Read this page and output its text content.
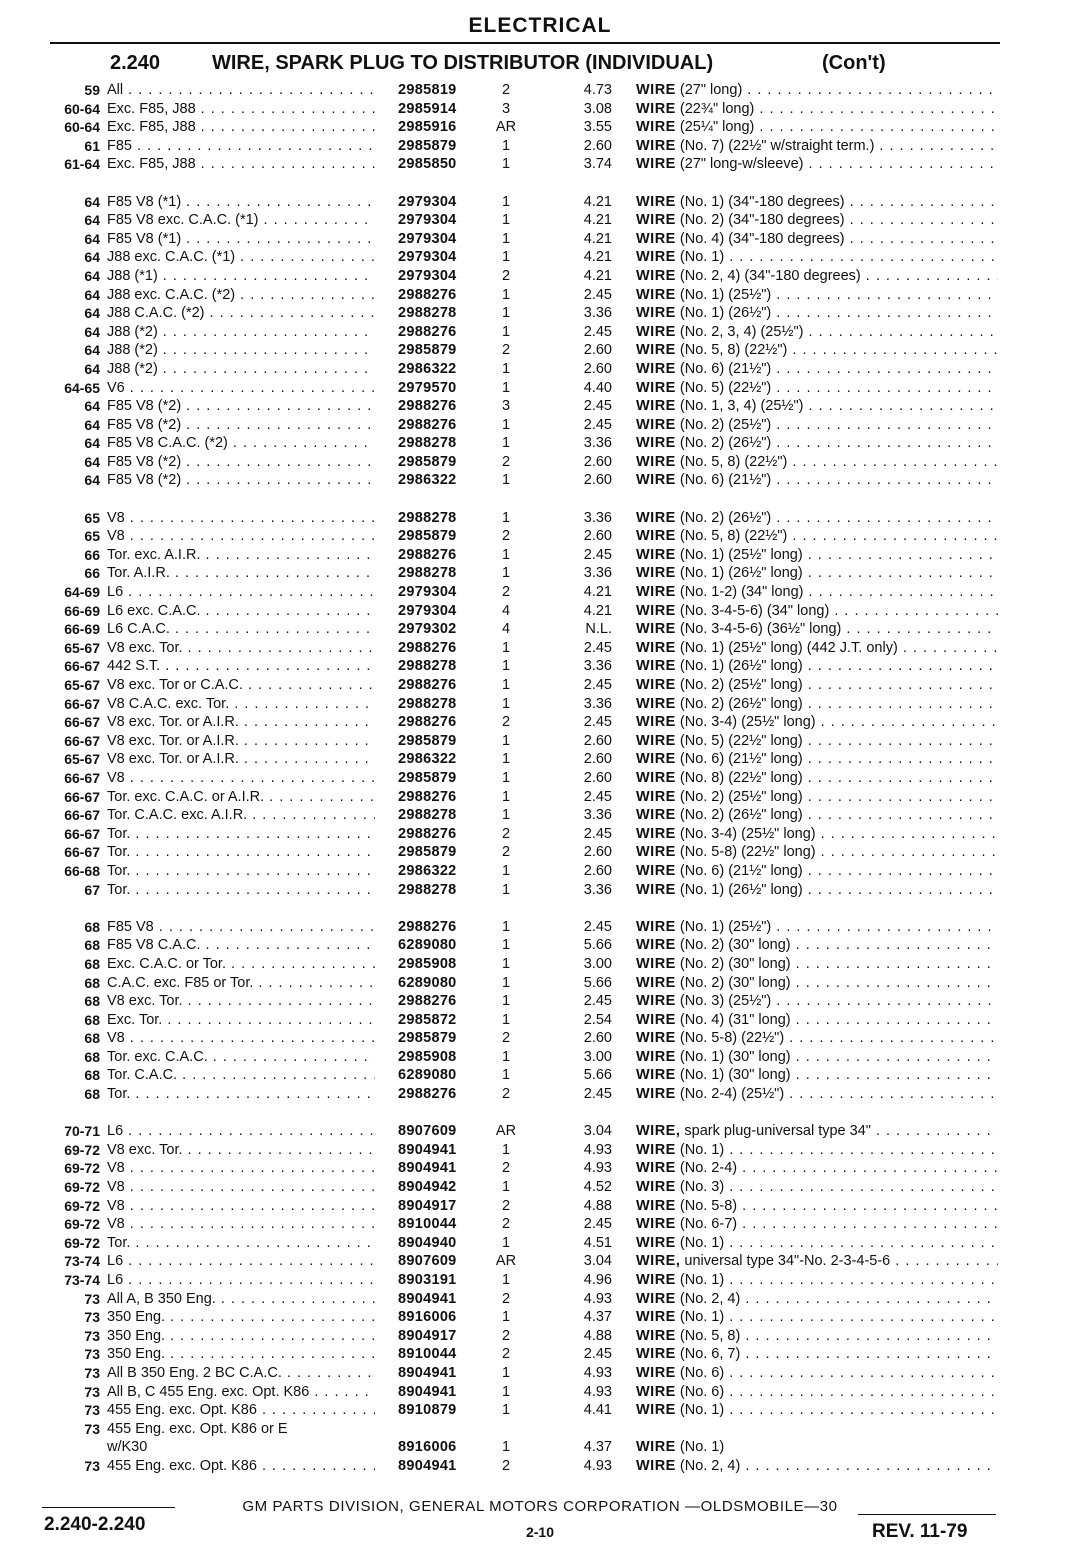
ELECTRICAL
2.240	WIRE, SPARK PLUG TO DISTRIBUTOR (INDIVIDUAL)	(Con't)
59 All . . .	2985819	2	4.73 WIRE (27" long) . . .
60-64 Exc. F85, J88 . . .	2985914	3	3.08 WIRE (22¾" long) . . .
60-64 Exc. F85, J88 . . .	2985916	AR	3.55 WIRE (25¼" long) . . .
61 F85 . . .	2985879	1	2.60 WIRE (No. 7) (22½" w/straight term.) . . .
61-64 Exc. F85, J88 . . .	2985850	1	3.74 WIRE (27" long-w/sleeve) . . .
64 F85 V8 (*1) . . .	2979304	1	4.21 WIRE (No. 1) (34"-180 degrees) . . .
64 F85 V8 exc. C.A.C. (*1) . . .	2979304	1	4.21 WIRE (No. 2) (34"-180 degrees) . . .
64 F85 V8 (*1) . . .	2979304	1	4.21 WIRE (No. 4) (34"-180 degrees) . . .
64 J88 exc. C.A.C. (*1) . . .	2979304	1	4.21 WIRE (No. 1) . . .
64 J88 (*1) . . .	2979304	2	4.21 WIRE (No. 2, 4) (34"-180 degrees) . . .
64 J88 exc. C.A.C. (*2) . . .	2988276	1	2.45 WIRE (No. 1) (25½") . . .
64 J88 C.A.C. (*2) . . .	2988278	1	3.36 WIRE (No. 1) (26½") . . .
64 J88 (*2) . . .	2988276	1	2.45 WIRE (No. 2, 3, 4) (25½") . . .
64 J88 (*2) . . .	2985879	2	2.60 WIRE (No. 5, 8) (22½") . . .
64 J88 (*2) . . .	2986322	1	2.60 WIRE (No. 6) (21½") . . .
64-65 V6 . . .	2979570	1	4.40 WIRE (No. 5) (22½") . . .
64 F85 V8 (*2) . . .	2988276	3	2.45 WIRE (No. 1, 3, 4) (25½") . . .
64 F85 V8 (*2) . . .	2988276	1	2.45 WIRE (No. 2) (25½") . . .
64 F85 V8 C.A.C. (*2) . . .	2988278	1	3.36 WIRE (No. 2) (26½") . . .
64 F85 V8 (*2) . . .	2985879	2	2.60 WIRE (No. 5, 8) (22½") . . .
64 F85 V8 (*2) . . .	2986322	1	2.60 WIRE (No. 6) (21½") . . .
65 V8 . . .	2988278	1	3.36 WIRE (No. 2) (26½") . . .
65 V8 . . .	2985879	2	2.60 WIRE (No. 5, 8) (22½") . . .
66 Tor. exc. A.I.R. . . .	2988276	1	2.45 WIRE (No. 1) (25½" long) . . .
66 Tor. A.I.R. . . .	2988278	1	3.36 WIRE (No. 1) (26½" long) . . .
64-69 L6 . . .	2979304	2	4.21 WIRE (No. 1-2) (34" long) . . .
66-69 L6 exc. C.A.C. . . .	2979304	4	4.21 WIRE (No. 3-4-5-6) (34" long) . . .
66-69 L6 C.A.C. . . .	2979302	4	N.L. WIRE (No. 3-4-5-6) (36½" long) . . .
65-67 V8 exc. Tor. . . .	2988276	1	2.45 WIRE (No. 1) (25½" long) (442 J.T. only) . . .
66-67 442 S.T. . . .	2988278	1	3.36 WIRE (No. 1) (26½" long) . . .
65-67 V8 exc. Tor or C.A.C. . . .	2988276	1	2.45 WIRE (No. 2) (25½" long) . . .
66-67 V8 C.A.C. exc. Tor. . . .	2988278	1	3.36 WIRE (No. 2) (26½" long) . . .
66-67 V8 exc. Tor. or A.I.R. . . .	2988276	2	2.45 WIRE (No. 3-4) (25½" long) . . .
66-67 V8 exc. Tor. or A.I.R. . . .	2985879	1	2.60 WIRE (No. 5) (22½" long) . . .
65-67 V8 exc. Tor. or A.I.R. . . .	2986322	1	2.60 WIRE (No. 6) (21½" long) . . .
66-67 V8 . . .	2985879	1	2.60 WIRE (No. 8) (22½" long) . . .
66-67 Tor. exc. C.A.C. or A.I.R. . . .	2988276	1	2.45 WIRE (No. 2) (25½" long) . . .
66-67 Tor. C.A.C. exc. A.I.R. . . .	2988278	1	3.36 WIRE (No. 2) (26½" long) . . .
66-67 Tor. . . .	2988276	2	2.45 WIRE (No. 3-4) (25½" long) . . .
66-67 Tor. . . .	2985879	2	2.60 WIRE (No. 5-8) (22½" long) . . .
66-68 Tor. . . .	2986322	1	2.60 WIRE (No. 6) (21½" long) . . .
67 Tor. . . .	2988278	1	3.36 WIRE (No. 1) (26½" long) . . .
68 F85 V8 . . .	2988276	1	2.45 WIRE (No. 1) (25½") . . .
68 F85 V8 C.A.C. . . .	6289080	1	5.66 WIRE (No. 2) (30" long) . . .
68 Exc. C.A.C. or Tor. . . .	2985908	1	3.00 WIRE (No. 2) (30" long) . . .
68 C.A.C. exc. F85 or Tor. . . .	6289080	1	5.66 WIRE (No. 2) (30" long) . . .
68 V8 exc. Tor. . . .	2988276	1	2.45 WIRE (No. 3) (25½") . . .
68 Exc. Tor. . . .	2985872	1	2.54 WIRE (No. 4) (31" long) . . .
68 V8 . . .	2985879	2	2.60 WIRE (No. 5-8) (22½") . . .
68 Tor. exc. C.A.C. . . .	2985908	1	3.00 WIRE (No. 1) (30" long) . . .
68 Tor. C.A.C. . . .	6289080	1	5.66 WIRE (No. 1) (30" long) . . .
68 Tor. . . .	2988276	2	2.45 WIRE (No. 2-4) (25½") . . .
70-71 L6 . . .	8907609	AR	3.04 WIRE, spark plug-universal type 34" . . .
69-72 V8 exc. Tor. . . .	8904941	1	4.93 WIRE (No. 1) . . .
69-72 V8 . . .	8904941	2	4.93 WIRE (No. 2-4) . . .
69-72 V8 . . .	8904942	1	4.52 WIRE (No. 3) . . .
69-72 V8 . . .	8904917	2	4.88 WIRE (No. 5-8) . . .
69-72 V8 . . .	8910044	2	2.45 WIRE (No. 6-7) . . .
69-72 Tor. . . .	8904940	1	4.51 WIRE (No. 1) . . .
73-74 L6 . . .	8907609	AR	3.04 WIRE, universal type 34"-No. 2-3-4-5-6 . . .
73-74 L6 . . .	8903191	1	4.96 WIRE (No. 1) . . .
73 All A, B 350 Eng. . . .	8904941	2	4.93 WIRE (No. 2, 4) . . .
73 350 Eng. . . .	8916006	1	4.37 WIRE (No. 1) . . .
73 350 Eng. . . .	8904917	2	4.88 WIRE (No. 5, 8) . . .
73 350 Eng. . . .	8910044	2	2.45 WIRE (No. 6, 7) . . .
73 All B 350 Eng. 2 BC C.A.C. . . .	8904941	1	4.93 WIRE (No. 6) . . .
73 All B, C 455 Eng. exc. Opt. K86 . . .	8904941	1	4.93 WIRE (No. 6) . . .
73 455 Eng. exc. Opt. K86 . . .	8910879	1	4.41 WIRE (No. 1) . . .
73 455 Eng. exc. Opt. K86 or E
w/K30	8916006	1	4.37 WIRE (No. 1)
73 455 Eng. exc. Opt. K86 . . .	8904941	2	4.93 WIRE (No. 2, 4) . . .
GM PARTS DIVISION, GENERAL MOTORS CORPORATION —OLDSMOBILE—30
2.240-2.240	2-10	REV. 11-79
